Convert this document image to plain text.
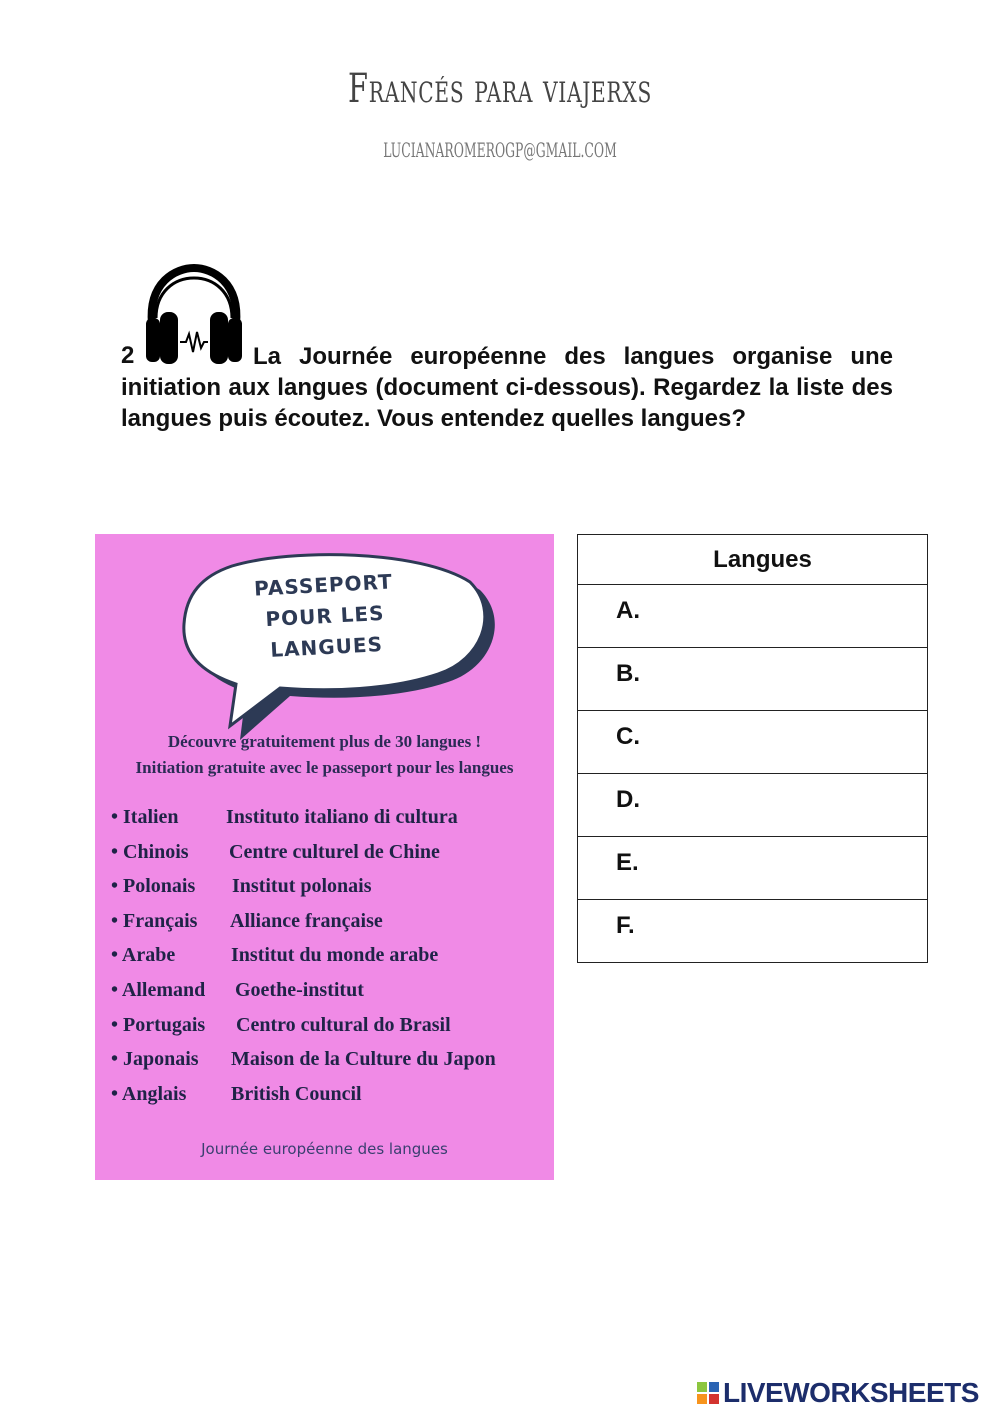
Francés para viajerxs
LUCIANAROMEROGP@GMAIL.COM
2	La Journée européenne des langues organise une initiation aux langues (document ci-dessous). Regardez la liste des langues puis écoutez. Vous entendez quelles langues?
PASSEPORT
POUR LES
LANGUES
Découvre gratuitement plus de 30 langues !
Initiation gratuite avec le passeport pour les langues
• Italien Instituto italiano di cultura
• Chinois Centre culturel de Chine
• Polonais Institut polonais
• Français Alliance française
• Arabe	Institut du monde arabe
• Allemand Goethe-institut
• Portugais Centro cultural do Brasil
• Japonais Maison de la Culture du Japon
• Anglais British Council
Journée européenne des langues
Langues
A.
B.
C.
D.
E.
F.
LIVEWORKSHEETS
